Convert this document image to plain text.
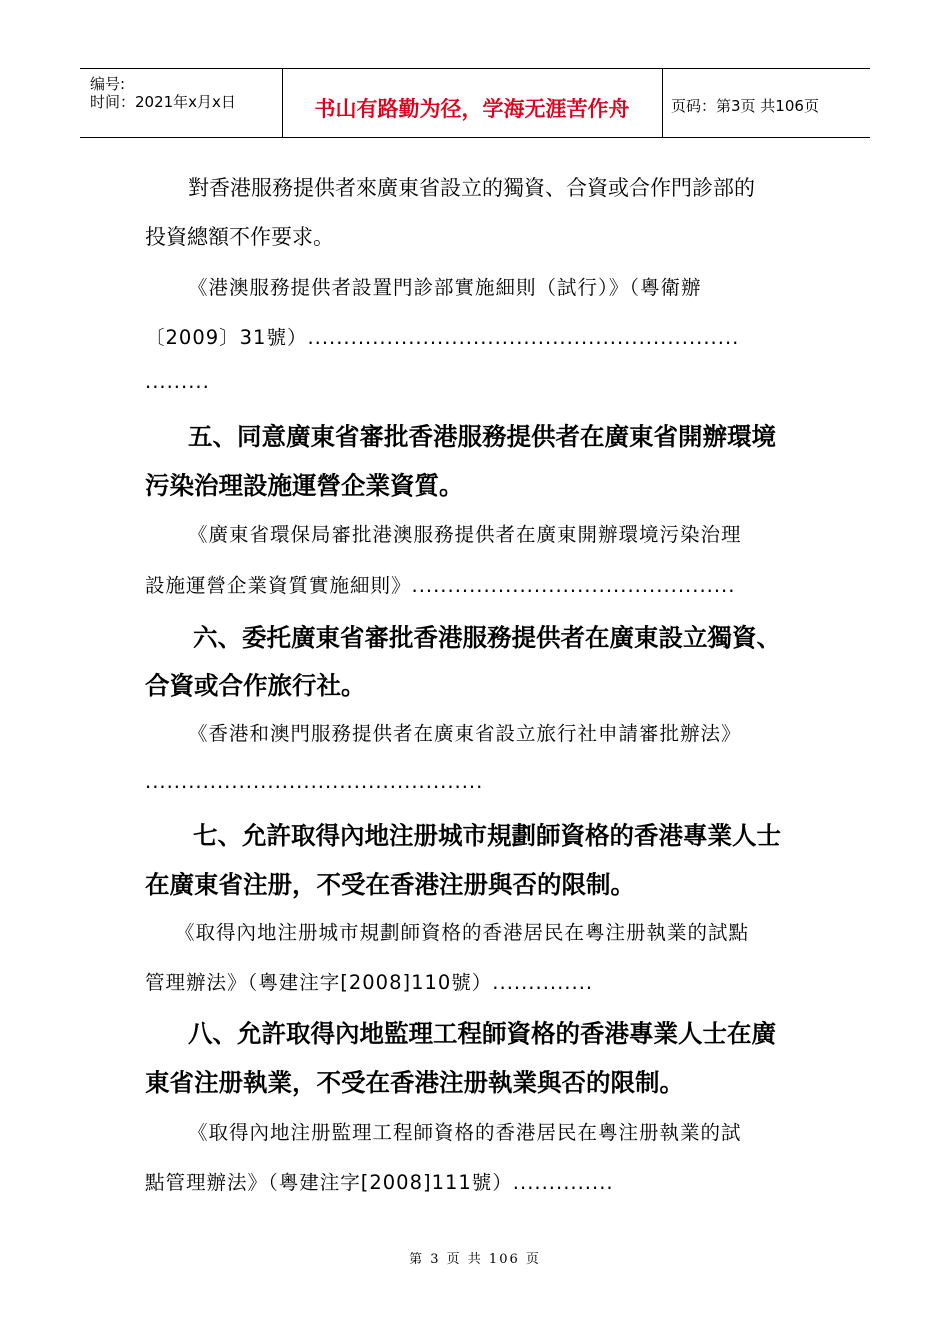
编号:
时间：2021年x月x日	书山有路勤为径，学海无涯苦作舟	页码：第3页 共106页
對香港服務提供者來廣東省設立的獨資、合資或合作門診部的
投資總額不作要求。
《港澳服務提供者設置門診部實施細則（試行）》（粵衛辦
〔2009〕31號）............................................................
.........
五、同意廣東省審批香港服務提供者在廣東省開辦環境
污染治理設施運營企業資質。
《廣東省環保局審批港澳服務提供者在廣東開辦環境污染治理
設施運營企業資質實施細則》.............................................
六、委托廣東省審批香港服務提供者在廣東設立獨資、
合資或合作旅行社。
《香港和澳門服務提供者在廣東省設立旅行社申請審批辦法》
...............................................
七、允許取得內地注册城市規劃師資格的香港專業人士
在廣東省注册，不受在香港注册與否的限制。
《取得內地注册城市規劃師資格的香港居民在粵注册執業的試點
管理辦法》（粵建注字[2008]110號）..............
八、允許取得內地監理工程師資格的香港專業人士在廣
東省注册執業，不受在香港注册執業與否的限制。
《取得內地注册監理工程師資格的香港居民在粵注册執業的試
點管理辦法》（粵建注字[2008]111號）..............
第 3 页 共 106 页
